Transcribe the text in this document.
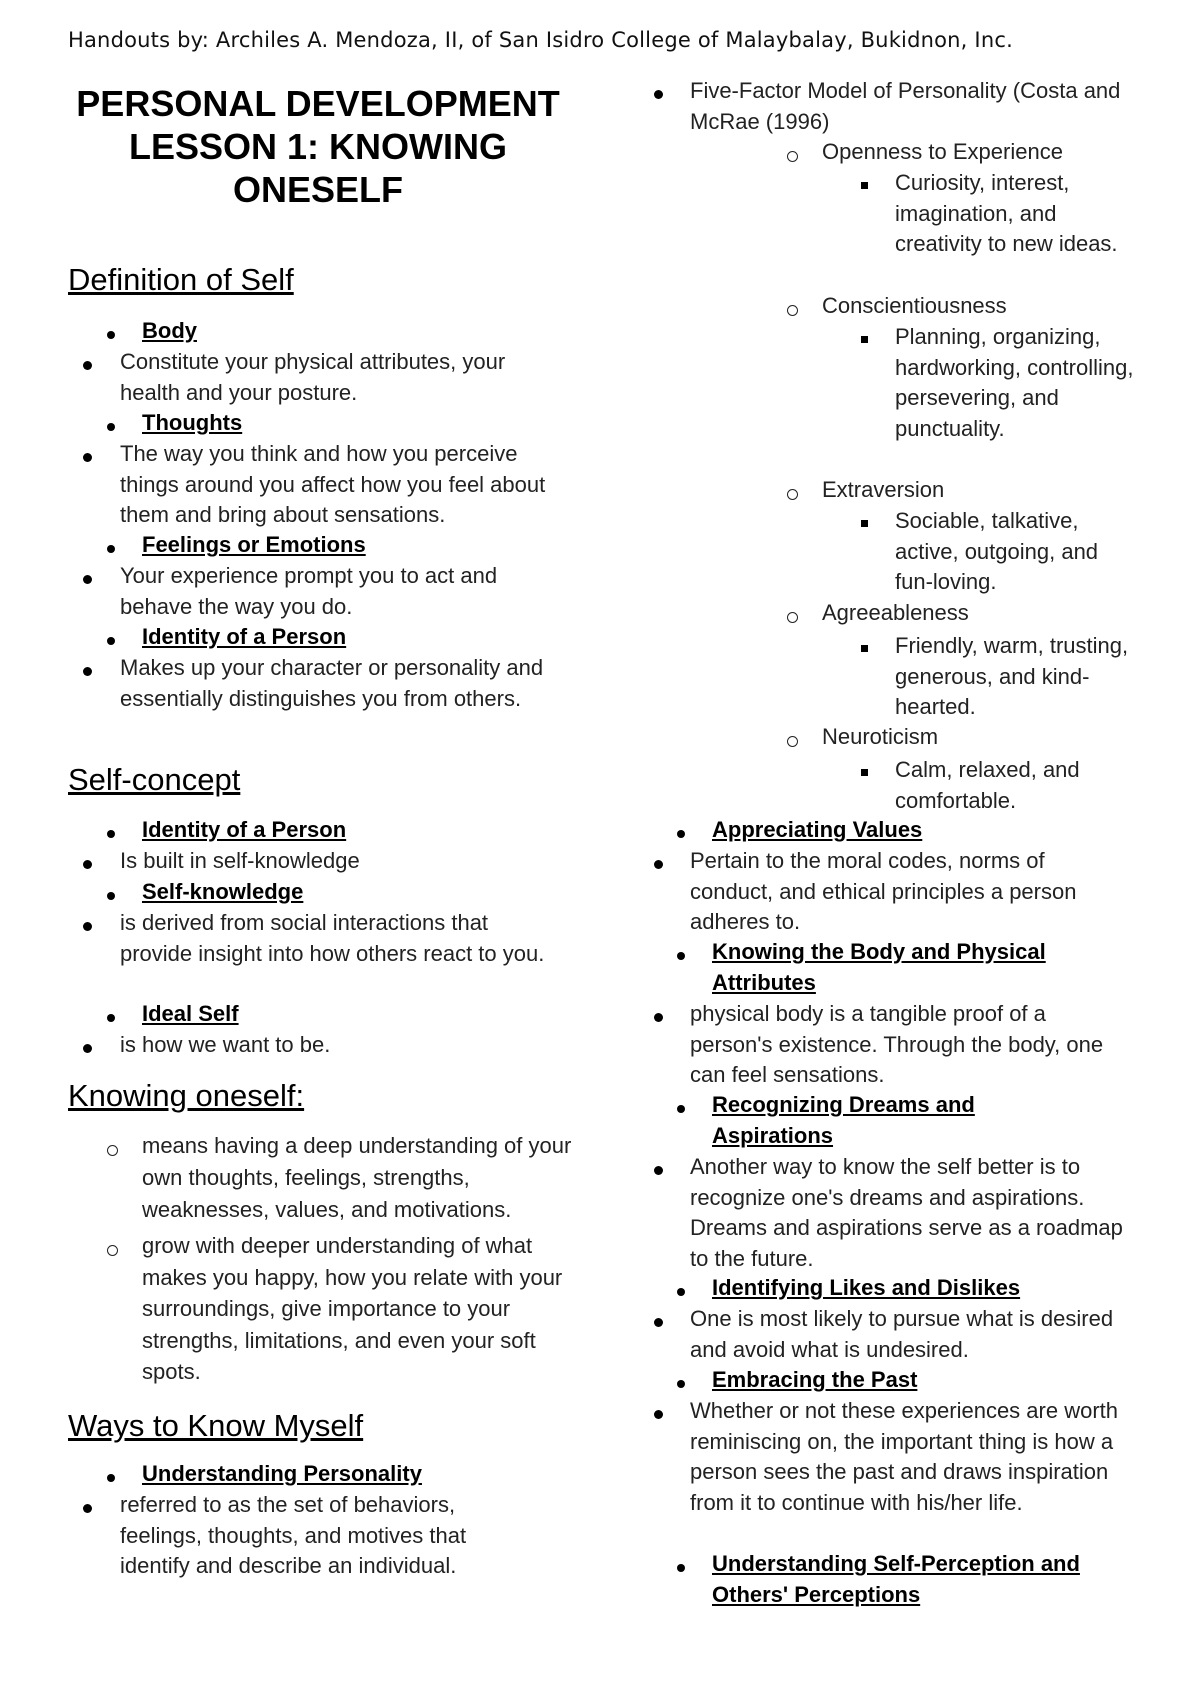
Handouts by: Archiles A. Mendoza, II, of San Isidro College of Malaybalay, Bukidnon, Inc.
PERSONAL DEVELOPMENT
LESSON 1: KNOWING
ONESELF
Definition of Self
Body
Constitute your physical attributes, your health and your posture.
Thoughts
The way you think and how you perceive things around you affect how you feel about them and bring about sensations.
Feelings or Emotions
Your experience prompt you to act and behave the way you do.
Identity of a Person
Makes up your character or personality and essentially distinguishes you from others.
Self-concept
Identity of a Person
Is built in self-knowledge
Self-knowledge
is derived from social interactions that provide insight into how others react to you.
Ideal Self
is how we want to be.
Knowing oneself:
means having a deep understanding of your own thoughts, feelings, strengths, weaknesses, values, and motivations.
grow with deeper understanding of what makes you happy, how you relate with your surroundings, give importance to your strengths, limitations, and even your soft spots.
Ways to Know Myself
Understanding Personality
referred to as the set of behaviors, feelings, thoughts, and motives that identify and describe an individual.
Five-Factor Model of Personality (Costa and McRae (1996)
Openness to Experience
Curiosity, interest, imagination, and creativity to new ideas.
Conscientiousness
Planning, organizing, hardworking, controlling, persevering, and punctuality.
Extraversion
Sociable, talkative, active, outgoing, and fun-loving.
Agreeableness
Friendly, warm, trusting, generous, and kind-hearted.
Neuroticism
Calm, relaxed, and comfortable.
Appreciating Values
Pertain to the moral codes, norms of conduct, and ethical principles a person adheres to.
Knowing the Body and Physical Attributes
physical body is a tangible proof of a person's existence. Through the body, one can feel sensations.
Recognizing Dreams and Aspirations
Another way to know the self better is to recognize one's dreams and aspirations. Dreams and aspirations serve as a roadmap to the future.
Identifying Likes and Dislikes
One is most likely to pursue what is desired and avoid what is undesired.
Embracing the Past
Whether or not these experiences are worth reminiscing on, the important thing is how a person sees the past and draws inspiration from it to continue with his/her life.
Understanding Self-Perception and Others' Perceptions
